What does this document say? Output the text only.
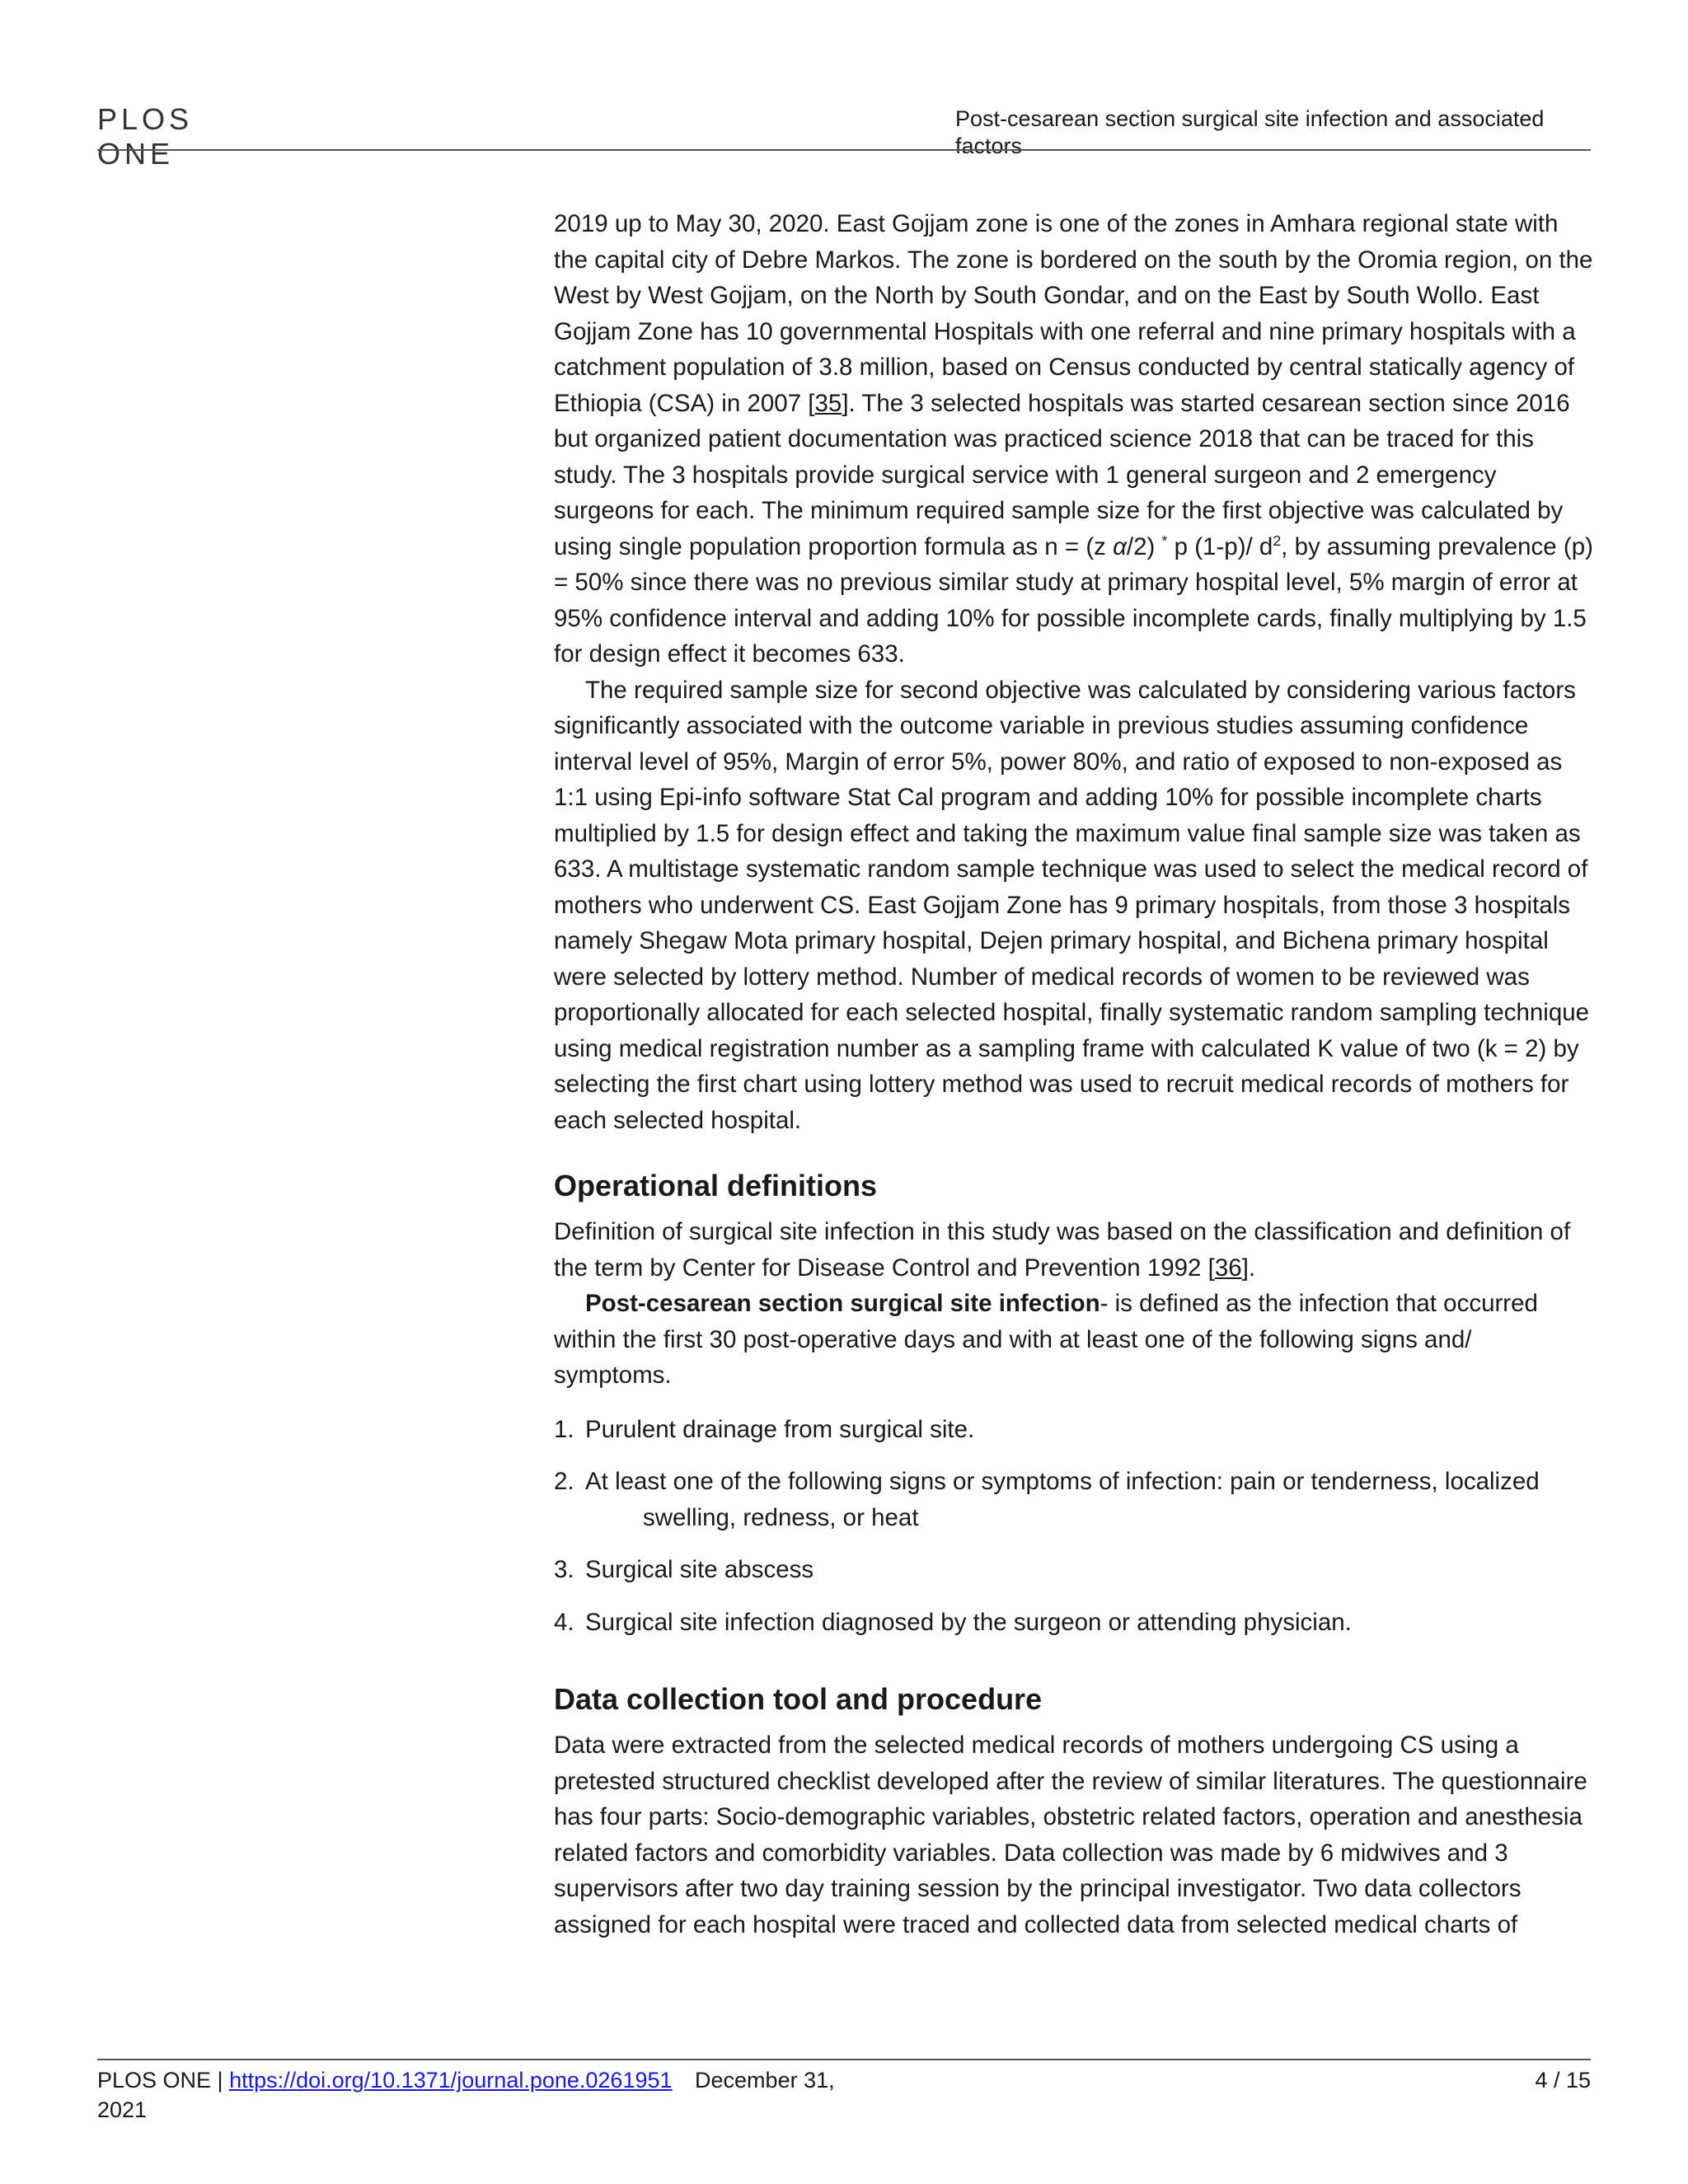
PLOS
ONE
Post-cesarean section surgical site infection and associated factors

2019 up to May 30, 2020. East Gojjam zone is one of the zones in Amhara regional state with the capital city of Debre Markos. The zone is bordered on the south by the Oromia region, on the West by West Gojjam, on the North by South Gondar, and on the East by South Wollo. East Gojjam Zone has 10 governmental Hospitals with one referral and nine primary hospitals with a catchment population of 3.8 million, based on Census conducted by central statically agency of Ethiopia (CSA) in 2007 [35]. The 3 selected hospitals was started cesarean section since 2016 but organized patient documentation was practiced science 2018 that can be traced for this study. The 3 hospitals provide surgical service with 1 general surgeon and 2 emergency surgeons for each. The minimum required sample size for the first objective was calculated by using single population proportion formula as n = (z α/2) * p (1-p)/ $d^2$, by assuming prevalence (p) = 50% since there was no previous similar study at primary hospital level, 5% margin of error at 95% confidence interval and adding 10% for possible incomplete cards, finally multiplying by 1.5 for design effect it becomes 633.

The required sample size for second objective was calculated by considering various factors significantly associated with the outcome variable in previous studies assuming confidence interval level of 95%, Margin of error 5%, power 80%, and ratio of exposed to non-exposed as 1:1 using Epi-info software Stat Cal program and adding 10% for possible incomplete charts multiplied by 1.5 for design effect and taking the maximum value final sample size was taken as 633. A multistage systematic random sample technique was used to select the medical record of mothers who underwent CS. East Gojjam Zone has 9 primary hospitals, from those 3 hospitals namely Shegaw Mota primary hospital, Dejen primary hospital, and Bichena primary hospital were selected by lottery method. Number of medical records of women to be reviewed was proportionally allocated for each selected hospital, finally systematic random sampling technique using medical registration number as a sampling frame with calculated K value of two (k = 2) by selecting the first chart using lottery method was used to recruit medical records of mothers for each selected hospital.

Operational definitions

Definition of surgical site infection in this study was based on the classification and definition of the term by Center for Disease Control and Prevention 1992 [36].

Post-cesarean section surgical site infection- is defined as the infection that occurred within the first 30 post-operative days and with at least one of the following signs and/ symptoms.

1. Purulent drainage from surgical site.
2. At least one of the following signs or symptoms of infection: pain or tenderness, localized
swelling, redness, or heat
3. Surgical site abscess
4. Surgical site infection diagnosed by the surgeon or attending physician.
Data collection tool and procedure

Data were extracted from the selected medical records of mothers undergoing CS using a pretested structured checklist developed after the review of similar literatures. The questionnaire has four parts: Socio-demographic variables, obstetric related factors, operation and anesthesia related factors and comorbidity variables. Data collection was made by 6 midwives and 3 supervisors after two day training session by the principal investigator. Two data collectors assigned for each hospital were traced and collected data from selected medical charts of

PLOS ONE | https://doi.org/10.1371/journal.pone.0261951 December 31, 2021
4 / 15
